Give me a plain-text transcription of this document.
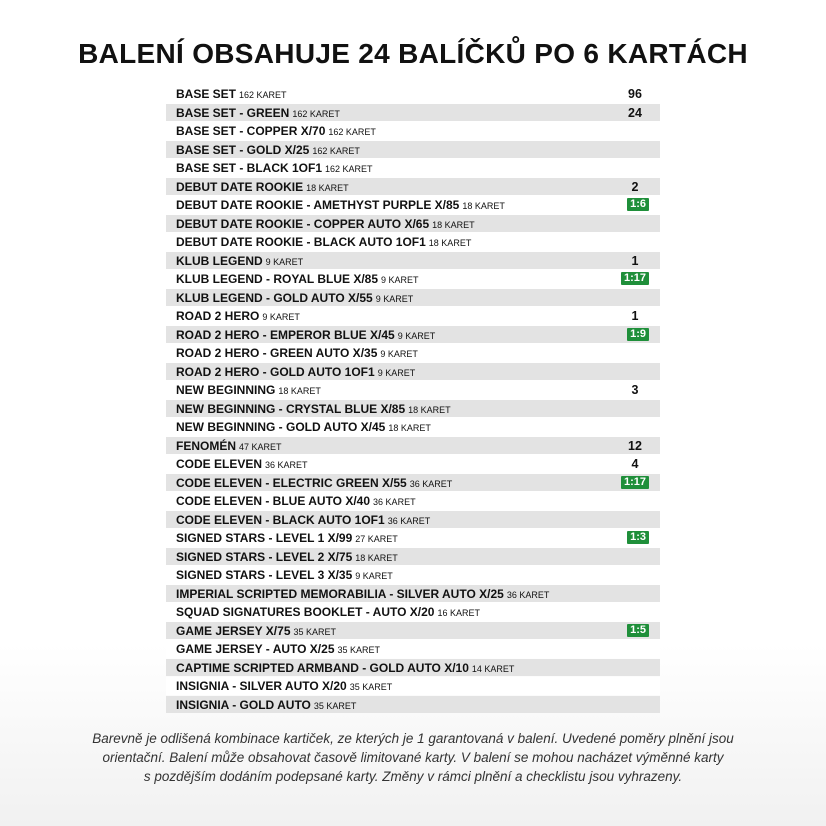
BALENÍ OBSAHUJE 24 BALÍČKŮ PO 6 KARTÁCH
BASE SET 162 KARET	96
BASE SET - GREEN 162 KARET	24
BASE SET - COPPER X/70 162 KARET
BASE SET - GOLD X/25 162 KARET
BASE SET - BLACK 1OF1 162 KARET
DEBUT DATE ROOKIE 18 KARET	2
DEBUT DATE ROOKIE - AMETHYST PURPLE X/85 18 KARET	1:6
DEBUT DATE ROOKIE - COPPER AUTO X/65 18 KARET
DEBUT DATE ROOKIE - BLACK AUTO 1OF1 18 KARET
KLUB LEGEND 9 KARET	1
KLUB LEGEND - ROYAL BLUE X/85 9 KARET	1:17
KLUB LEGEND - GOLD AUTO X/55 9 KARET
ROAD 2 HERO 9 KARET	1
ROAD 2 HERO - EMPEROR BLUE X/45 9 KARET	1:9
ROAD 2 HERO - GREEN AUTO X/35 9 KARET
ROAD 2 HERO - GOLD AUTO 1OF1 9 KARET
NEW BEGINNING 18 KARET	3
NEW BEGINNING - CRYSTAL BLUE X/85 18 KARET
NEW BEGINNING - GOLD AUTO X/45 18 KARET
FENOMÉN 47 KARET	12
CODE ELEVEN 36 KARET	4
CODE ELEVEN - ELECTRIC GREEN X/55 36 KARET	1:17
CODE ELEVEN - BLUE AUTO X/40 36 KARET
CODE ELEVEN - BLACK AUTO 1OF1 36 KARET
SIGNED STARS - LEVEL 1 X/99 27 KARET	1:3
SIGNED STARS - LEVEL 2 X/75 18 KARET
SIGNED STARS - LEVEL 3 X/35 9 KARET
IMPERIAL SCRIPTED MEMORABILIA - SILVER AUTO X/25 36 KARET
SQUAD SIGNATURES BOOKLET - AUTO X/20 16 KARET
GAME JERSEY X/75 35 KARET	1:5
GAME JERSEY - AUTO X/25 35 KARET
CAPTIME SCRIPTED ARMBAND - GOLD AUTO X/10 14 KARET
INSIGNIA - SILVER AUTO X/20 35 KARET
INSIGNIA - GOLD AUTO 35 KARET
Barevně je odlišená kombinace kartiček, ze kterých je 1 garantovaná v balení. Uvedené poměry plnění jsou
orientační. Balení může obsahovat časově limitované karty. V balení se mohou nacházet výměnné karty
s pozdějším dodáním podepsané karty. Změny v rámci plnění a checklistu jsou vyhrazeny.
